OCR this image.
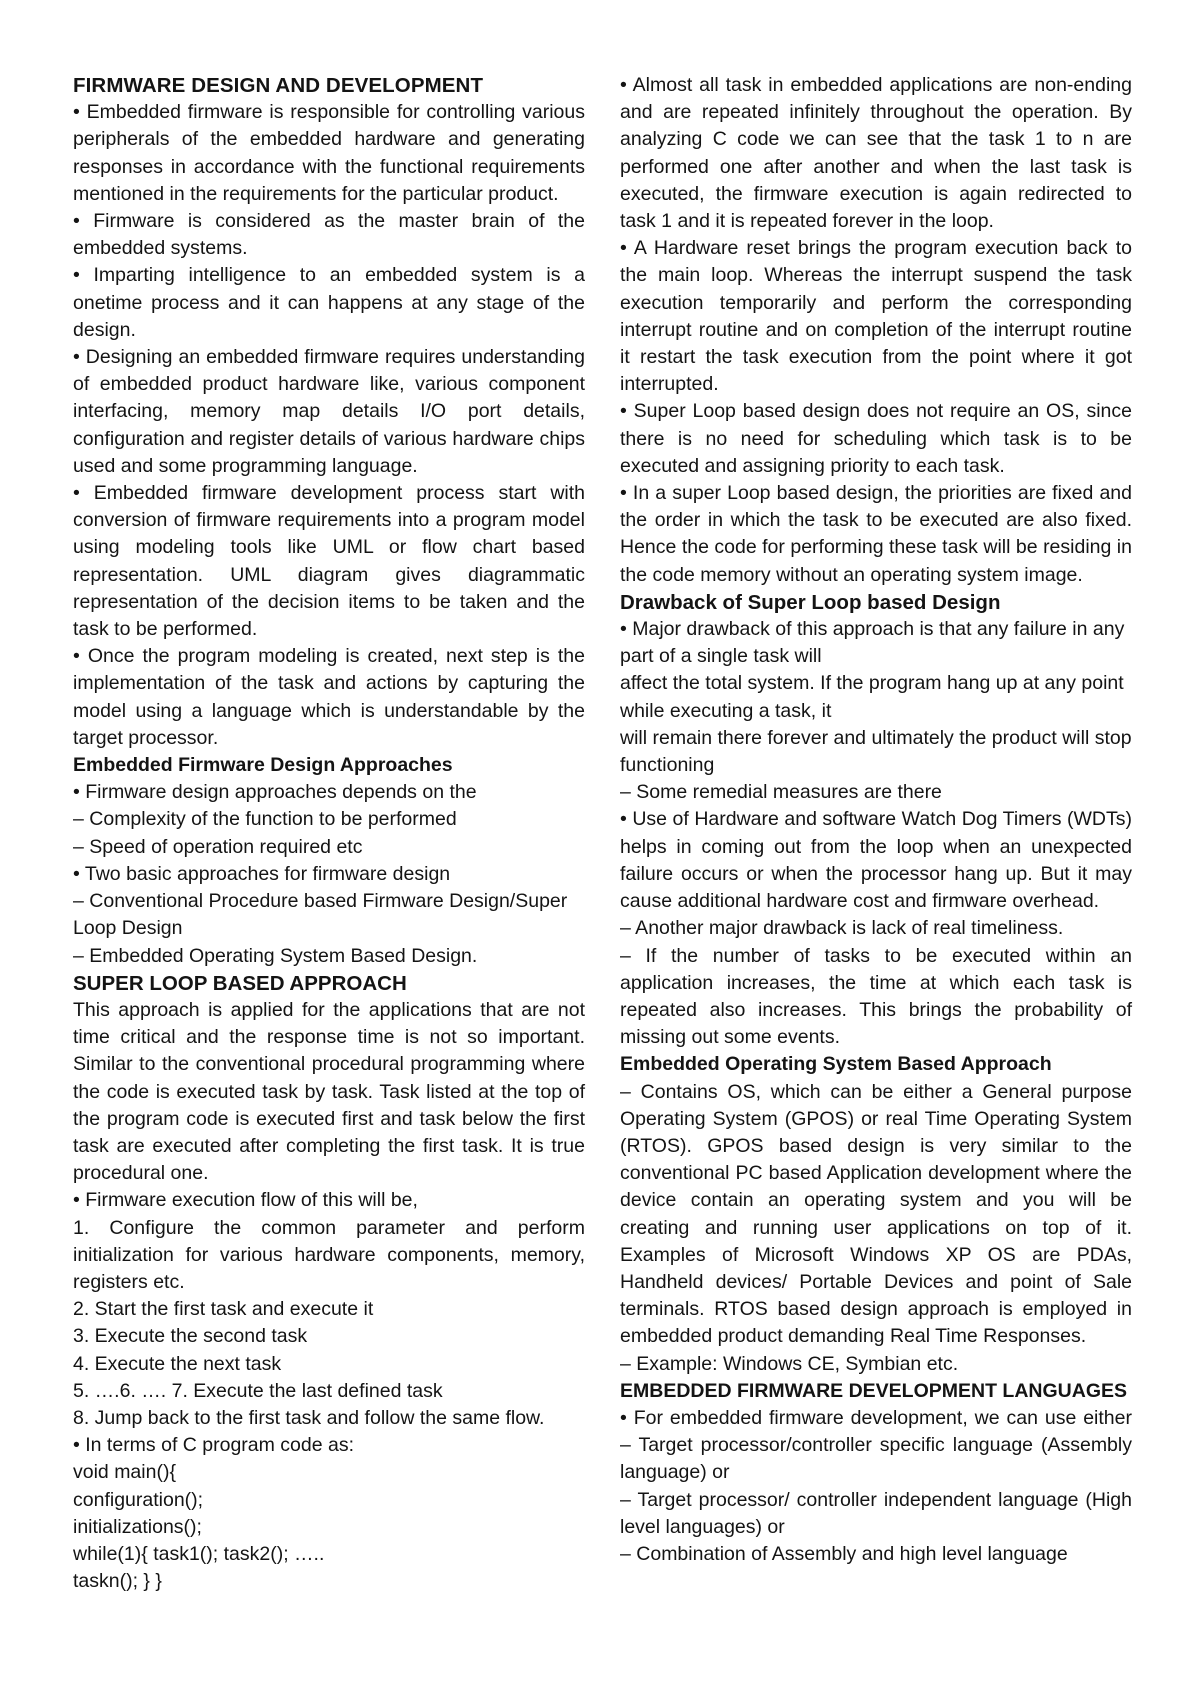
FIRMWARE DESIGN AND DEVELOPMENT

• Embedded firmware is responsible for controlling various peripherals of the embedded hardware and generating responses in accordance with the functional requirements mentioned in the requirements for the particular product.

• Firmware is considered as the master brain of the embedded systems.

• Imparting intelligence to an embedded system is a onetime process and it can happens at any stage of the design.

• Designing an embedded firmware requires understanding of embedded product hardware like, various component interfacing, memory map details I/O port details, configuration and register details of various hardware chips used and some programming language.

• Embedded firmware development process start with conversion of firmware requirements into a program model using modeling tools like UML or flow chart based representation. UML diagram gives diagrammatic representation of the decision items to be taken and the task to be performed.

• Once the program modeling is created, next step is the implementation of the task and actions by capturing the model using a language which is understandable by the target processor.

Embedded Firmware Design Approaches

• Firmware design approaches depends on the

– Complexity of the function to be performed

– Speed of operation required etc

• Two basic approaches for firmware design

– Conventional Procedure based Firmware Design/Super Loop Design

– Embedded Operating System Based Design.

SUPER LOOP BASED APPROACH

This approach is applied for the applications that are not time critical and the response time is not so important. Similar to the conventional procedural programming where the code is executed task by task. Task listed at the top of the program code is executed first and task below the first task are executed after completing the first task. It is true procedural one.

• Firmware execution flow of this will be,

1. Configure the common parameter and perform initialization for various hardware components, memory, registers etc.

2. Start the first task and execute it

3. Execute the second task

4. Execute the next task

5. ….6. …. 7. Execute the last defined task

8. Jump back to the first task and follow the same flow.

• In terms of C program code as:

void main(){

configuration();

initializations();

while(1){ task1(); task2(); …..

taskn(); } }

• Almost all task in embedded applications are non-ending and are repeated infinitely throughout the operation. By analyzing C code we can see that the task 1 to n are performed one after another and when the last task is executed, the firmware execution is again redirected to task 1 and it is repeated forever in the loop.

• A Hardware reset brings the program execution back to the main loop. Whereas the interrupt suspend the task execution temporarily and perform the corresponding interrupt routine and on completion of the interrupt routine it restart the task execution from the point where it got interrupted.

• Super Loop based design does not require an OS, since there is no need for scheduling which task is to be executed and assigning priority to each task.

• In a super Loop based design, the priorities are fixed and the order in which the task to be executed are also fixed. Hence the code for performing these task will be residing in the code memory without an operating system image.

Drawback of Super Loop based Design

• Major drawback of this approach is that any failure in any part of a single task will

affect the total system. If the program hang up at any point while executing a task, it

will remain there forever and ultimately the product will stop functioning

– Some remedial measures are there

• Use of Hardware and software Watch Dog Timers (WDTs) helps in coming out from the loop when an unexpected failure occurs or when the processor hang up. But it may cause additional hardware cost and firmware overhead.

– Another major drawback is lack of real timeliness.

– If the number of tasks to be executed within an application increases, the time at which each task is repeated also increases. This brings the probability of missing out some events.

Embedded Operating System Based Approach

– Contains OS, which can be either a General purpose Operating System (GPOS) or real Time Operating System (RTOS). GPOS based design is very similar to the conventional PC based Application development where the device contain an operating system and you will be creating and running user applications on top of it. Examples of Microsoft Windows XP OS are PDAs, Handheld devices/ Portable Devices and point of Sale terminals. RTOS based design approach is employed in embedded product demanding Real Time Responses.

– Example: Windows CE, Symbian etc.

EMBEDDED FIRMWARE DEVELOPMENT LANGUAGES

• For embedded firmware development, we can use either – Target processor/controller specific language (Assembly language) or

– Target processor/ controller independent language (High level languages) or

– Combination of Assembly and high level language
